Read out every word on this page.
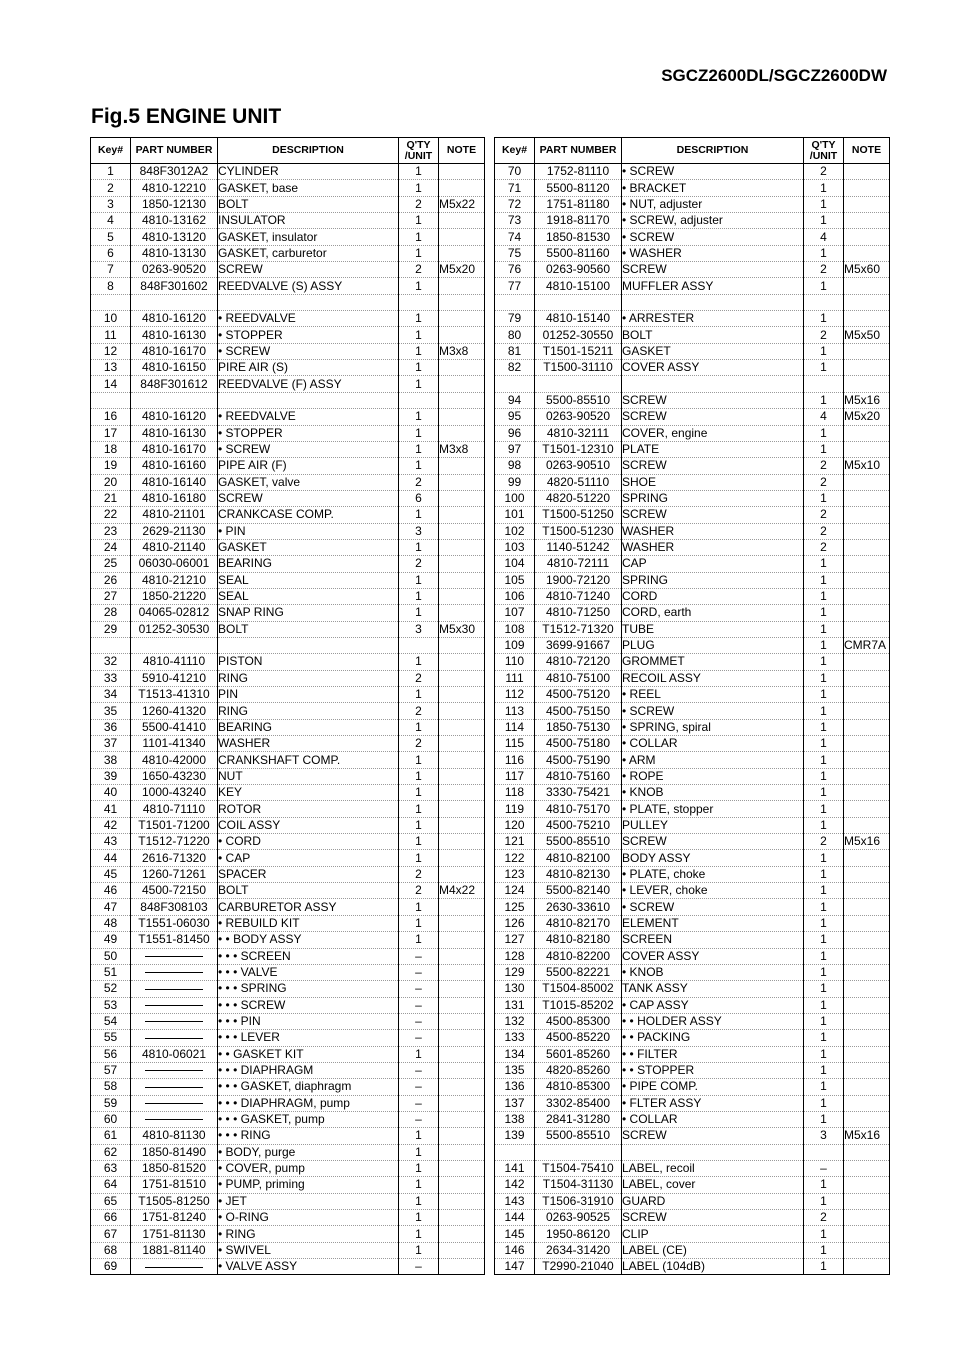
SGCZ2600DL/SGCZ2600DW
Fig.5 ENGINE UNIT
Key#	PART NUMBER	DESCRIPTION	Q'TY
/UNIT	NOTE
1	848F3012A2	CYLINDER	1	
2	4810-12210	GASKET, base	1	
3	1850-12130	BOLT	2	M5x22
4	4810-13162	INSULATOR	1	
5	4810-13120	GASKET, insulator	1	
6	4810-13130	GASKET, carburetor	1	
7	0263-90520	SCREW	2	M5x20
8	848F301602	REEDVALVE (S) ASSY	1	

10	4810-16120	• REEDVALVE	1	
11	4810-16130	• STOPPER	1	
12	4810-16170	• SCREW	1	M3x8
13	4810-16150	PIRE AIR (S)	1	
14	848F301612	REEDVALVE (F) ASSY	1	

16	4810-16120	• REEDVALVE	1	
17	4810-16130	• STOPPER	1	
18	4810-16170	• SCREW	1	M3x8
19	4810-16160	PIPE AIR (F)	1	
20	4810-16140	GASKET, valve	2	
21	4810-16180	SCREW	6	
22	4810-21101	CRANKCASE COMP.	1	
23	2629-21130	• PIN	3	
24	4810-21140	GASKET	1	
25	06030-06001	BEARING	2	
26	4810-21210	SEAL	1	
27	1850-21220	SEAL	1	
28	04065-02812	SNAP RING	1	
29	01252-30530	BOLT	3	M5x30

32	4810-41110	PISTON	1	
33	5910-41210	RING	2	
34	T1513-41310	PIN	1	
35	1260-41320	RING	2	
36	5500-41410	BEARING	1	
37	1101-41340	WASHER	2	
38	4810-42000	CRANKSHAFT COMP.	1	
39	1650-43230	NUT	1	
40	1000-43240	KEY	1	
41	4810-71110	ROTOR	1	
42	T1501-71200	COIL ASSY	1	
43	T1512-71220	• CORD	1	
44	2616-71320	• CAP	1	
45	1260-71261	SPACER	2	
46	4500-72150	BOLT	2	M4x22
47	848F308103	CARBURETOR ASSY	1	
48	T1551-06030	• REBUILD KIT	1	
49	T1551-81450	• • BODY ASSY	1	
50		• • • SCREEN	–	
51		• • • VALVE	–	
52		• • • SPRING	–	
53		• • • SCREW	–	
54		• • • PIN	–	
55		• • • LEVER	–	
56	4810-06021	• • GASKET KIT	1	
57		• • • DIAPHRAGM	–	
58		• • • GASKET, diaphragm	–	
59		• • • DIAPHRAGM, pump	–	
60		• • • GASKET, pump	–	
61	4810-81130	• • • RING	1	
62	1850-81490	• BODY, purge	1	
63	1850-81520	• COVER, pump	1	
64	1751-81510	• PUMP, priming	1	
65	T1505-81250	• JET	1	
66	1751-81240	• O-RING	1	
67	1751-81130	• RING	1	
68	1881-81140	• SWIVEL	1	
69		• VALVE ASSY	–	
Key#	PART NUMBER	DESCRIPTION	Q'TY
/UNIT	NOTE
70	1752-81110	• SCREW	2	
71	5500-81120	• BRACKET	1	
72	1751-81180	• NUT, adjuster	1	
73	1918-81170	• SCREW, adjuster	1	
74	1850-81530	• SCREW	4	
75	5500-81160	• WASHER	1	
76	0263-90560	SCREW	2	M5x60
77	4810-15100	MUFFLER ASSY	1	

79	4810-15140	• ARRESTER	1	
80	01252-30550	BOLT	2	M5x50
81	T1501-15211	GASKET	1	
82	T1500-31110	COVER ASSY	1	

94	5500-85510	SCREW	1	M5x16
95	0263-90520	SCREW	4	M5x20
96	4810-32111	COVER, engine	1	
97	T1501-12310	PLATE	1	
98	0263-90510	SCREW	2	M5x10
99	4820-51110	SHOE	2	
100	4820-51220	SPRING	1	
101	T1500-51250	SCREW	2	
102	T1500-51230	WASHER	2	
103	1140-51242	WASHER	2	
104	4810-72111	CAP	1	
105	1900-72120	SPRING	1	
106	4810-71240	CORD	1	
107	4810-71250	CORD, earth	1	
108	T1512-71320	TUBE	1	
109	3699-91667	PLUG	1	CMR7A
110	4810-72120	GROMMET	1	
111	4810-75100	RECOIL ASSY	1	
112	4500-75120	• REEL	1	
113	4500-75150	• SCREW	1	
114	1850-75130	• SPRING, spiral	1	
115	4500-75180	• COLLAR	1	
116	4500-75190	• ARM	1	
117	4810-75160	• ROPE	1	
118	3330-75421	• KNOB	1	
119	4810-75170	• PLATE, stopper	1	
120	4500-75210	PULLEY	1	
121	5500-85510	SCREW	2	M5x16
122	4810-82100	BODY ASSY	1	
123	4810-82130	• PLATE, choke	1	
124	5500-82140	• LEVER, choke	1	
125	2630-33610	• SCREW	1	
126	4810-82170	ELEMENT	1	
127	4810-82180	SCREEN	1	
128	4810-82200	COVER ASSY	1	
129	5500-82221	• KNOB	1	
130	T1504-85002	TANK ASSY	1	
131	T1015-85202	• CAP ASSY	1	
132	4500-85300	• • HOLDER ASSY	1	
133	4500-85220	• • PACKING	1	
134	5601-85260	• • FILTER	1	
135	4820-85260	• • STOPPER	1	
136	4810-85300	• PIPE COMP.	1	
137	3302-85400	• FLTER ASSY	1	
138	2841-31280	• COLLAR	1	
139	5500-85510	SCREW	3	M5x16

141	T1504-75410	LABEL, recoil	–	
142	T1504-31130	LABEL, cover	1	
143	T1506-31910	GUARD	1	
144	0263-90525	SCREW	2	
145	1950-86120	CLIP	1	
146	2634-31420	LABEL (CE)	1	
147	T2990-21040	LABEL (104dB)	1	
